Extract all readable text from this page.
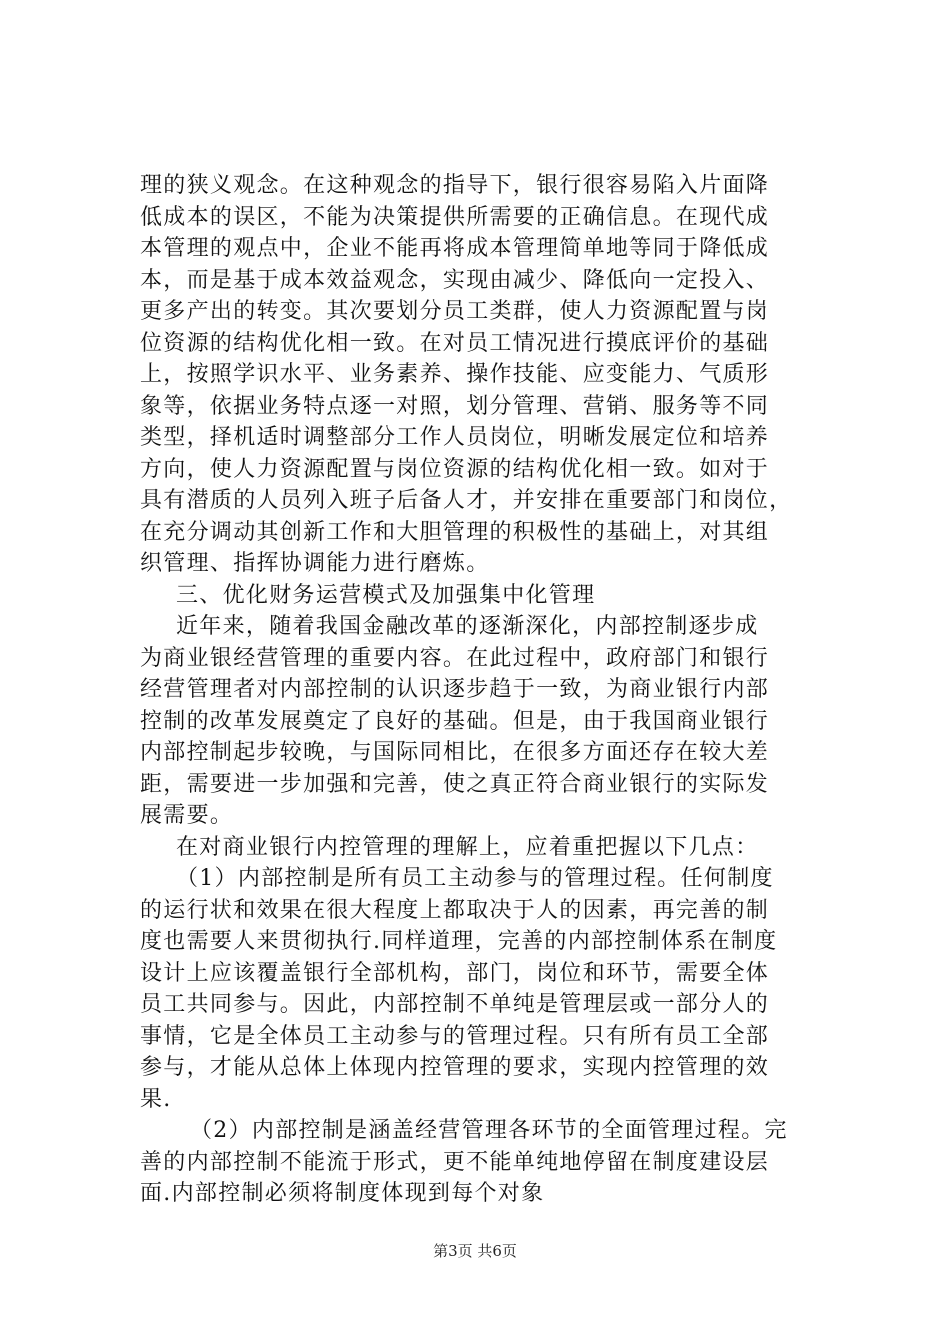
理的狭义观念。在这种观念的指导下，银行很容易陷入片面降
低成本的误区，不能为决策提供所需要的正确信息。在现代成
本管理的观点中，企业不能再将成本管理简单地等同于降低成
本，而是基于成本效益观念，实现由减少、降低向一定投入、
更多产出的转变。其次要划分员工类群，使人力资源配置与岗
位资源的结构优化相一致。在对员工情况进行摸底评价的基础
上，按照学识水平、业务素养、操作技能、应变能力、气质形
象等，依据业务特点逐一对照，划分管理、营销、服务等不同
类型，择机适时调整部分工作人员岗位，明晰发展定位和培养
方向，使人力资源配置与岗位资源的结构优化相一致。如对于
具有潜质的人员列入班子后备人才，并安排在重要部门和岗位，
在充分调动其创新工作和大胆管理的积极性的基础上，对其组
织管理、指挥协调能力进行磨炼。
三、优化财务运营模式及加强集中化管理
近年来，随着我国金融改革的逐渐深化，内部控制逐步成
为商业银经营管理的重要内容。在此过程中，政府部门和银行
经营管理者对内部控制的认识逐步趋于一致，为商业银行内部
控制的改革发展奠定了良好的基础。但是，由于我国商业银行
内部控制起步较晚，与国际同相比，在很多方面还存在较大差
距，需要进一步加强和完善，使之真正符合商业银行的实际发
展需要。
在对商业银行内控管理的理解上，应着重把握以下几点：
（1）内部控制是所有员工主动参与的管理过程。任何制度
的运行状和效果在很大程度上都取决于人的因素，再完善的制
度也需要人来贯彻执行.同样道理，完善的内部控制体系在制度
设计上应该覆盖银行全部机构，部门，岗位和环节，需要全体
员工共同参与。因此，内部控制不单纯是管理层或一部分人的
事情，它是全体员工主动参与的管理过程。只有所有员工全部
参与，才能从总体上体现内控管理的要求，实现内控管理的效
果.
（2）内部控制是涵盖经营管理各环节的全面管理过程。完
善的内部控制不能流于形式，更不能单纯地停留在制度建设层
面.内部控制必须将制度体现到每个对象
第3页 共6页
